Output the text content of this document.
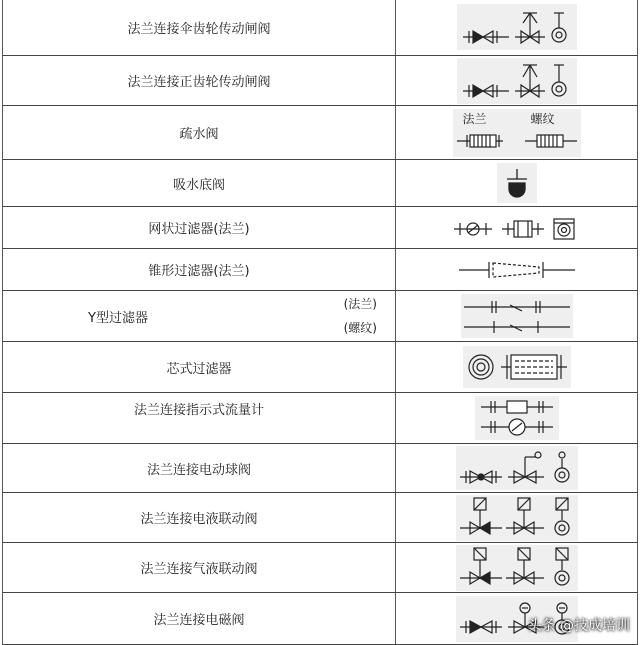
法兰连接伞齿轮传动闸阀
法兰连接正齿轮传动闸阀
疏水阀
法兰	螺纹
吸水底阀
网状过滤器(法兰)
锥形过滤器(法兰)
Y型过滤器
(法兰)
(螺纹)
芯式过滤器
法兰连接指示式流量计
法兰连接电动球阀
法兰连接电液联动阀
法兰连接气液联动阀
法兰连接电磁阀	头条 @技成培训
